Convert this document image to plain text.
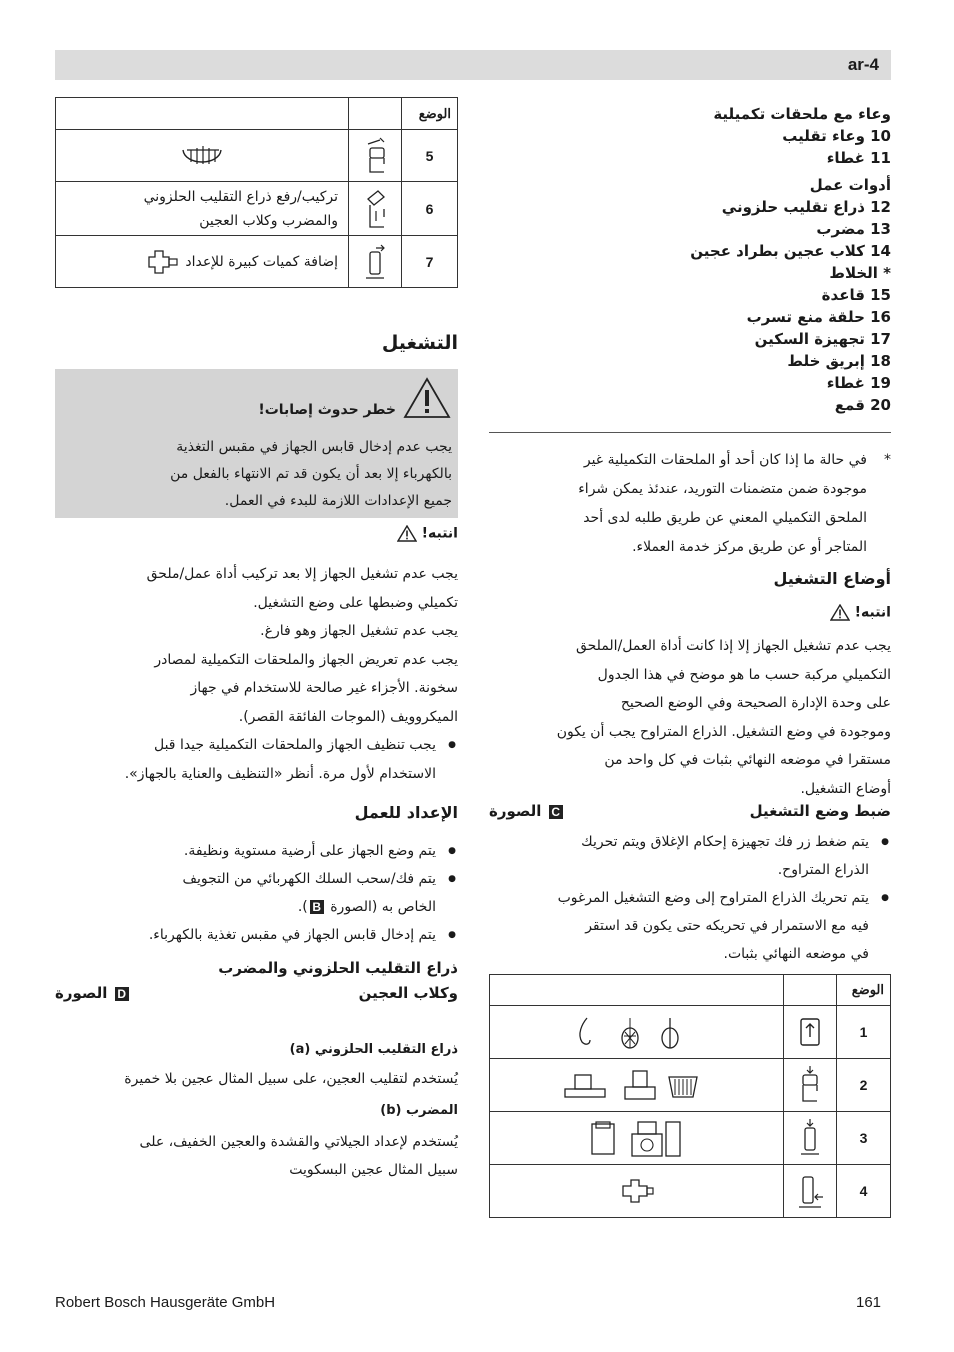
ar-4
وعاء مع ملحقات تكميلية
10 وعاء تقليب
11 غطاء
أدوات عمل
12 ذراع تقليب حلزوني
13 مضرب
14 كلاب عجين بطراد عجين
* الخلاط
15 قاعدة
16 حلقة منع تسرب
17 تجهيزة السكين
18 إبريق خلط
19 غطاء
20 قمع
*
في حالة ما إذا كان أحد أو الملحقات التكميلية غير
موجودة ضمن متضمنات التوريد، عندئذ يمكن شراء
الملحق التكميلي المعني عن طريق طلبه لدى أحد
المتاجر أو عن طريق مركز خدمة العملاء.
أوضاع التشغيل
انتبه!
يجب عدم تشغيل الجهاز إلا إذا كانت أداة العمل/الملحق
التكميلي مركبة حسب ما هو موضح في هذا الجدول
على وحدة الإدارة الصحيحة وفي الوضع الصحيح
وموجودة في وضع التشغيل. الذراع المتراوح يجب أن يكون
مستقرا في موضعه النهائي بثبات في كل واحد من
أوضاع التشغيل.
ضبط وضع التشغيل
C الصورة
● يتم ضغط زر فك تجهيزة إحكام الإغلاق ويتم تحريك
الذراع المتراوح.
● يتم تحريك الذراع المتراوح إلى وضع التشغيل المرغوب
فيه مع الاستمرار في تحريكه حتى يكون قد استقر
في موضعه النهائي بثبات.
الوضع		
1		
2		
3		
4		
الوضع		
5		
6		تركيب/رفع ذراع التقليب الحلزوني
والمضرب وكلاب العجين

7		إضافة كميات كبيرة للإعداد
التشغيل
خطر حدوث إصابات!
يجب عدم إدخال قابس الجهاز في مقبس التغذية
بالكهرباء إلا بعد أن يكون قد تم الانتهاء بالفعل من
جميع الإعدادات اللازمة للبدء في العمل.
انتبه!
يجب عدم تشغيل الجهاز إلا بعد تركيب أداة عمل/ملحق
تكميلي وضبطها على وضع التشغيل.
يجب عدم تشغيل الجهاز وهو فارغ.
يجب عدم تعريض الجهاز والملحقات التكميلية لمصادر
سخونة. الأجزاء غير صالحة للاستخدام في جهاز
الميكروويف (الموجات الفائقة القصر).
● يجب تنظيف الجهاز والملحقات التكميلية جيدا قبل
الاستخدام لأول مرة. أنظر «التنظيف والعناية بالجهاز».
الإعداد للعمل
● يتم وضع الجهاز على أرضية مستوية ونظيفة.
● يتم فك/سحب السلك الكهربائي من التجويف
الخاص به (الصورة B).
● يتم إدخال قابس الجهاز في مقبس تغذية بالكهرباء.
ذراع التقليب الحلزوني والمضرب
وكلاب العجين
D الصورة
ذراع التقليب الحلزوني (a)
يُستخدم لتقليب العجين، على سبيل المثال عجين بلا خميرة
المضرب (b)
يُستخدم لإعداد الجيلاتي والقشدة والعجين الخفيف، على
سبيل المثال عجين البسكويت
Robert Bosch Hausgeräte GmbH	161
